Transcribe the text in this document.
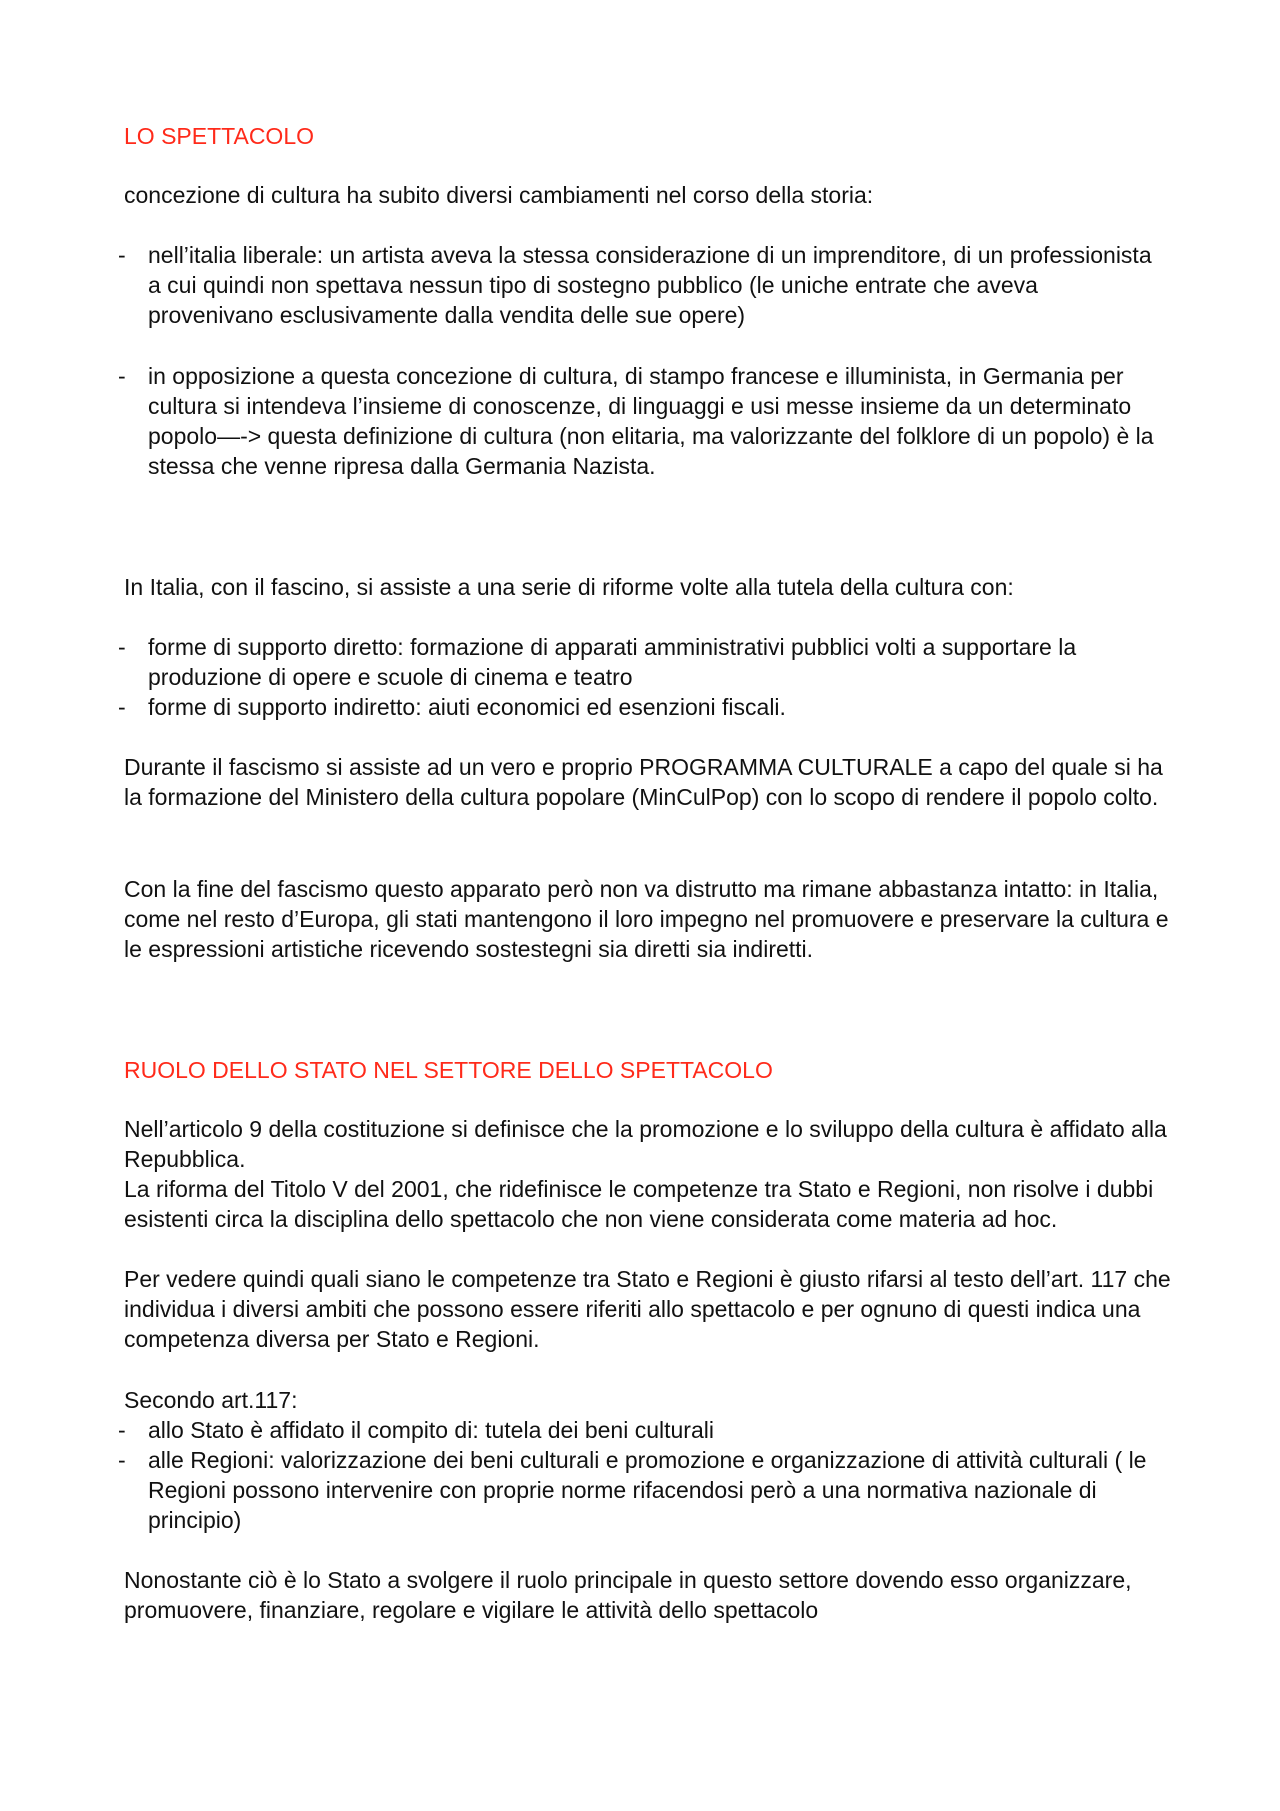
LO SPETTACOLO

concezione di cultura ha subito diversi cambiamenti nel corso della storia:

- nell’italia liberale: un artista aveva la stessa considerazione di un imprenditore, di un professionista a cui quindi non spettava nessun tipo di sostegno pubblico (le uniche entrate che aveva provenivano esclusivamente dalla vendita delle sue opere)
- in opposizione a questa concezione di cultura, di stampo francese e illuminista, in Germania per cultura si intendeva l’insieme di conoscenze, di linguaggi e usi messe insieme da un determinato popolo—-> questa definizione di cultura (non elitaria, ma valorizzante del folklore di un popolo) è la stessa che venne ripresa dalla Germania Nazista.

In Italia, con il fascino, si assiste a una serie di riforme volte alla tutela della cultura con:

- forme di supporto diretto: formazione di apparati amministrativi pubblici volti a supportare la produzione di opere e scuole di cinema e teatro
- forme di supporto indiretto: aiuti economici ed esenzioni fiscali.

Durante il fascismo si assiste ad un vero e proprio PROGRAMMA CULTURALE a capo del quale si ha la formazione del Ministero della cultura popolare (MinCulPop) con lo scopo di rendere il popolo colto.

Con la fine del fascismo questo apparato però non va distrutto ma rimane abbastanza intatto: in Italia, come nel resto d’Europa, gli stati mantengono il loro impegno nel promuovere e preservare la cultura e le espressioni artistiche ricevendo sostestegni sia diretti sia indiretti.

RUOLO DELLO STATO NEL SETTORE DELLO SPETTACOLO

Nell’articolo 9 della costituzione si definisce che la promozione e lo sviluppo della cultura è affidato alla Repubblica.

La riforma del Titolo V del 2001, che ridefinisce le competenze tra Stato e Regioni, non risolve i dubbi esistenti circa la disciplina dello spettacolo che non viene considerata come materia ad hoc.

Per vedere quindi quali siano le competenze tra Stato e Regioni è giusto rifarsi al testo dell’art. 117 che individua i diversi ambiti che possono essere riferiti allo spettacolo e per ognuno di questi indica una competenza diversa per Stato e Regioni.

Secondo art.117:

- allo Stato è affidato il compito di: tutela dei beni culturali
- alle Regioni: valorizzazione dei beni culturali e promozione e organizzazione di attività culturali ( le Regioni possono intervenire con proprie norme rifacendosi però a una normativa nazionale di principio)

Nonostante ciò è lo Stato a svolgere il ruolo principale in questo settore dovendo esso organizzare, promuovere, finanziare, regolare e vigilare le attività dello spettacolo
